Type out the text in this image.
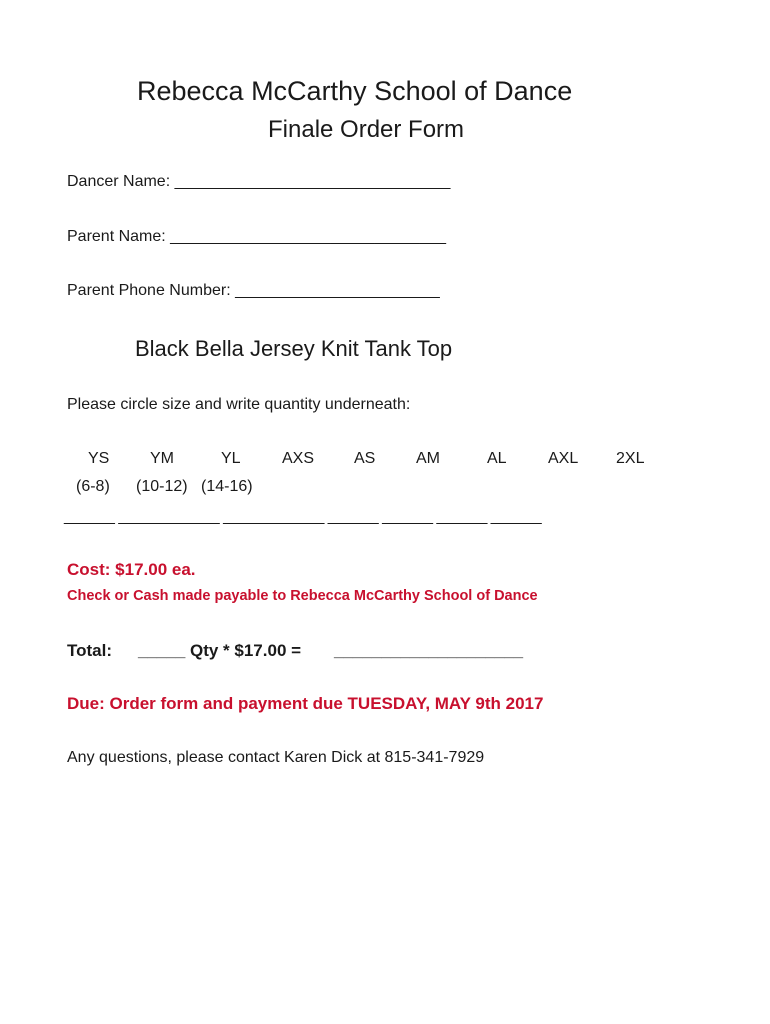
Rebecca McCarthy School of Dance
Finale Order Form
Dancer Name: _______________________________
Parent Name: _______________________________
Parent Phone Number: _______________________
Black Bella Jersey Knit Tank Top
Please circle size and write quantity underneath:
YS	YM	YL	AXS AS	AM	AL	AXL 2XL
(6-8) (10-12) (14-16)
______ ____________ ____________ ______ ______ ______ ______
Cost: $17.00 ea.
Check or Cash made payable to Rebecca McCarthy School of Dance
Total: _____ Qty * $17.00 = ____________________
Due: Order form and payment due TUESDAY, MAY 9th 2017
Any questions, please contact Karen Dick at 815-341-7929
